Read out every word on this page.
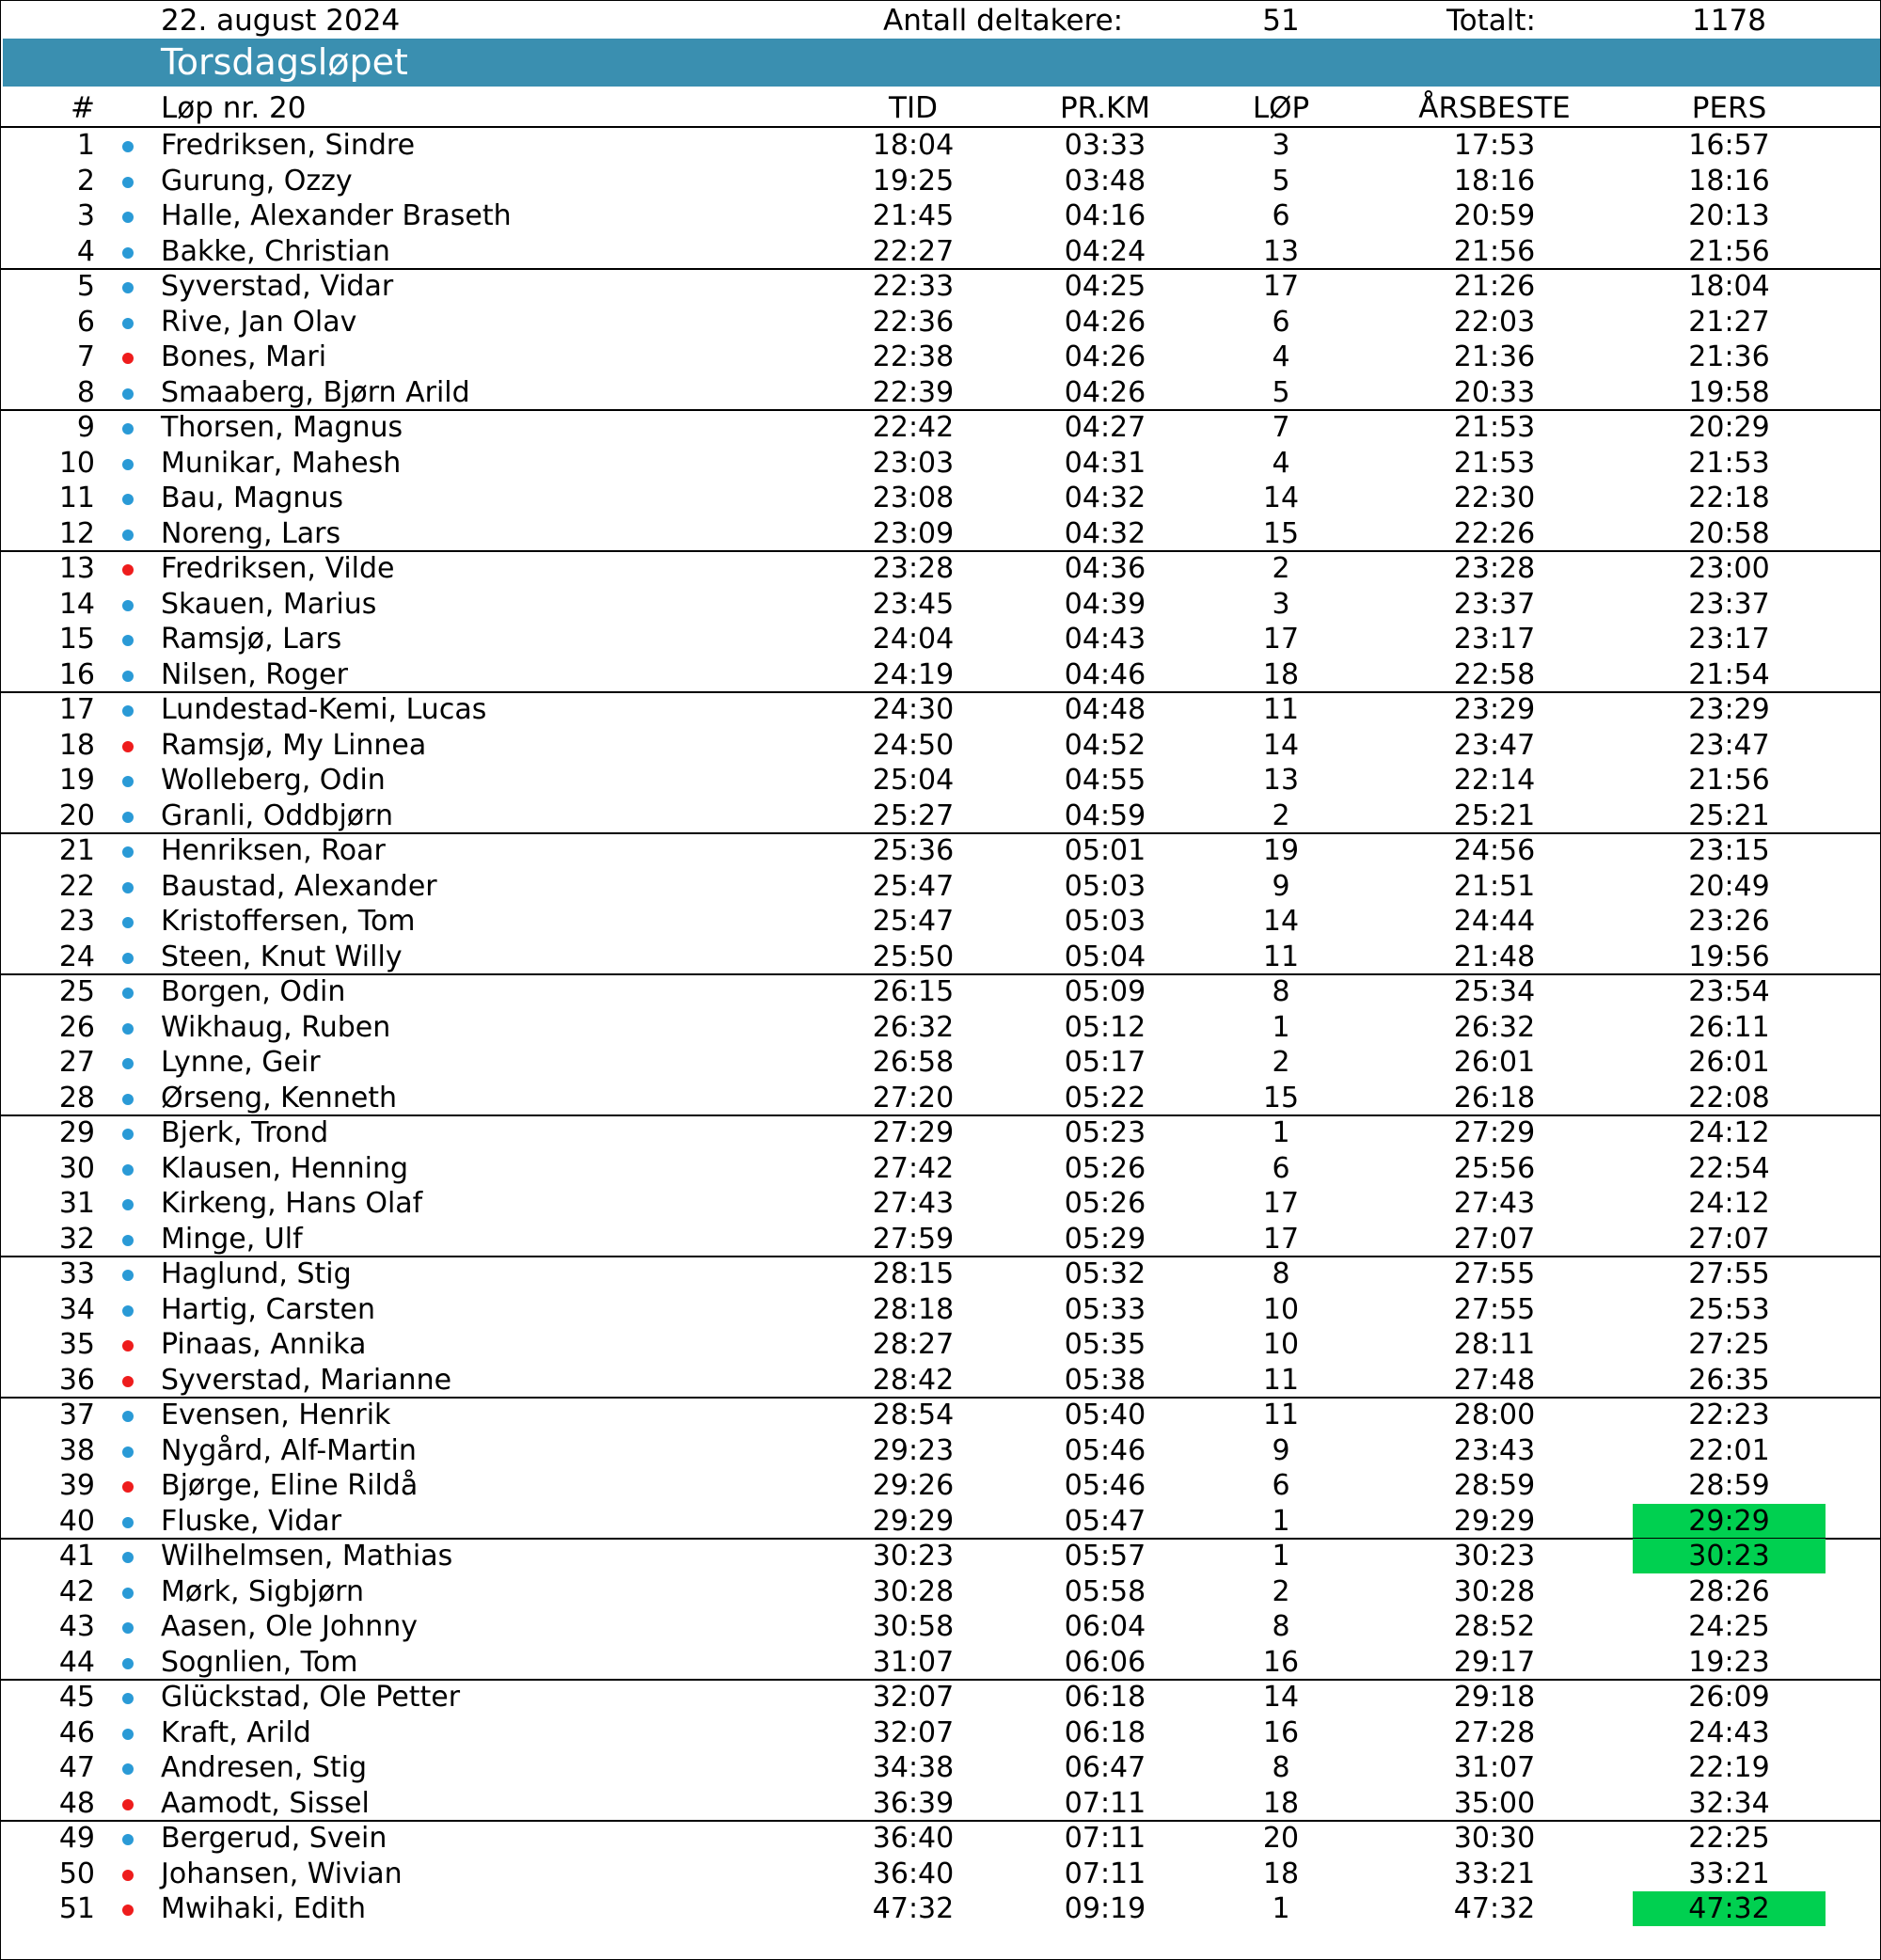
22. august 2024	Antall deltakere:	51	Totalt:	1178
Torsdagsløpet
# Løp nr. 20	TID	PR.KM	LØP	ÅRSBESTE	PERS
1 Fredriksen, Sindre	18:04	03:33	3	17:53	16:57
2 Gurung, Ozzy	19:25	03:48	5	18:16	18:16
3 Halle, Alexander Braseth	21:45	04:16	6	20:59	20:13
4 Bakke, Christian	22:27	04:24	13	21:56	21:56
5 Syverstad, Vidar	22:33	04:25	17	21:26	18:04
6 Rive, Jan Olav	22:36	04:26	6	22:03	21:27
7 Bones, Mari	22:38	04:26	4	21:36	21:36
8 Smaaberg, Bjørn Arild	22:39	04:26	5	20:33	19:58
9 Thorsen, Magnus	22:42	04:27	7	21:53	20:29
10 Munikar, Mahesh	23:03	04:31	4	21:53	21:53
11 Bau, Magnus	23:08	04:32	14	22:30	22:18
12 Noreng, Lars	23:09	04:32	15	22:26	20:58
13 Fredriksen, Vilde	23:28	04:36	2	23:28	23:00
14 Skauen, Marius	23:45	04:39	3	23:37	23:37
15 Ramsjø, Lars	24:04	04:43	17	23:17	23:17
16 Nilsen, Roger	24:19	04:46	18	22:58	21:54
17 Lundestad-Kemi, Lucas	24:30	04:48	11	23:29	23:29
18 Ramsjø, My Linnea	24:50	04:52	14	23:47	23:47
19 Wolleberg, Odin	25:04	04:55	13	22:14	21:56
20 Granli, Oddbjørn	25:27	04:59	2	25:21	25:21
21 Henriksen, Roar	25:36	05:01	19	24:56	23:15
22 Baustad, Alexander	25:47	05:03	9	21:51	20:49
23 Kristoffersen, Tom	25:47	05:03	14	24:44	23:26
24 Steen, Knut Willy	25:50	05:04	11	21:48	19:56
25 Borgen, Odin	26:15	05:09	8	25:34	23:54
26 Wikhaug, Ruben	26:32	05:12	1	26:32	26:11
27 Lynne, Geir	26:58	05:17	2	26:01	26:01
28 Ørseng, Kenneth	27:20	05:22	15	26:18	22:08
29 Bjerk, Trond	27:29	05:23	1	27:29	24:12
30 Klausen, Henning	27:42	05:26	6	25:56	22:54
31 Kirkeng, Hans Olaf	27:43	05:26	17	27:43	24:12
32 Minge, Ulf	27:59	05:29	17	27:07	27:07
33 Haglund, Stig	28:15	05:32	8	27:55	27:55
34 Hartig, Carsten	28:18	05:33	10	27:55	25:53
35 Pinaas, Annika	28:27	05:35	10	28:11	27:25
36 Syverstad, Marianne	28:42	05:38	11	27:48	26:35
37 Evensen, Henrik	28:54	05:40	11	28:00	22:23
38 Nygård, Alf-Martin	29:23	05:46	9	23:43	22:01
39 Bjørge, Eline Rildå	29:26	05:46	6	28:59	28:59
40 Fluske, Vidar	29:29	05:47	1	29:29	29:29
41 Wilhelmsen, Mathias	30:23	05:57	1	30:23	30:23
42 Mørk, Sigbjørn	30:28	05:58	2	30:28	28:26
43 Aasen, Ole Johnny	30:58	06:04	8	28:52	24:25
44 Sognlien, Tom	31:07	06:06	16	29:17	19:23
45 Glückstad, Ole Petter	32:07	06:18	14	29:18	26:09
46 Kraft, Arild	32:07	06:18	16	27:28	24:43
47 Andresen, Stig	34:38	06:47	8	31:07	22:19
48 Aamodt, Sissel	36:39	07:11	18	35:00	32:34
49 Bergerud, Svein	36:40	07:11	20	30:30	22:25
50 Johansen, Wivian	36:40	07:11	18	33:21	33:21
51 Mwihaki, Edith	47:32	09:19	1	47:32	47:32
